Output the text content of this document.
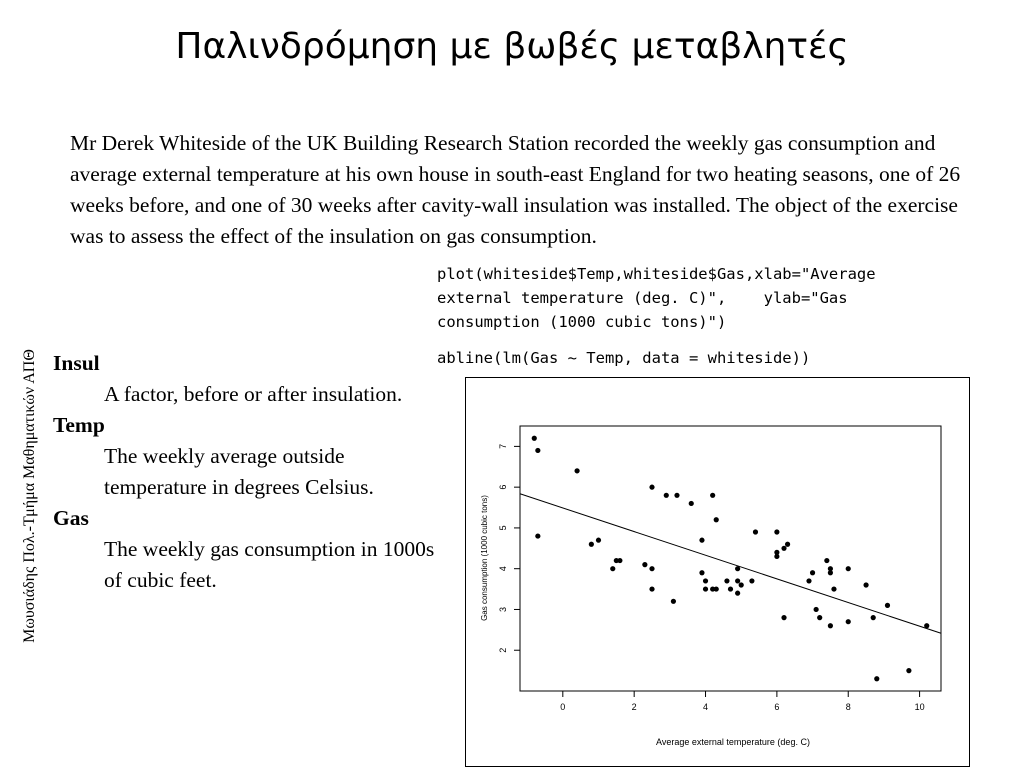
Παλινδρόμηση με βωβές μεταβλητές
Μωυσιάδης Πολ.-Τμήμα Μαθηματικών ΑΠΘ
Mr Derek Whiteside of the UK Building Research Station recorded the weekly gas consumption and average external temperature at his own house in south-east England for two heating seasons, one of 26 weeks before, and one of 30 weeks after cavity-wall insulation was installed. The object of the exercise was to assess the effect of the insulation on gas consumption.
plot(whiteside$Temp,whiteside$Gas,xlab="Average
external temperature (deg. C)",    ylab="Gas
consumption (1000 cubic tons)")
abline(lm(Gas ~ Temp, data = whiteside))
Insul
A factor, before or after insulation.
Temp
The weekly average outside temperature in degrees Celsius.
Gas
The weekly gas consumption in 1000s of cubic feet.
0	2	4	6	8	10
2
3
4
5
6
7
Average external temperature (deg. C)
Gas consumption (1000 cubic tons)
